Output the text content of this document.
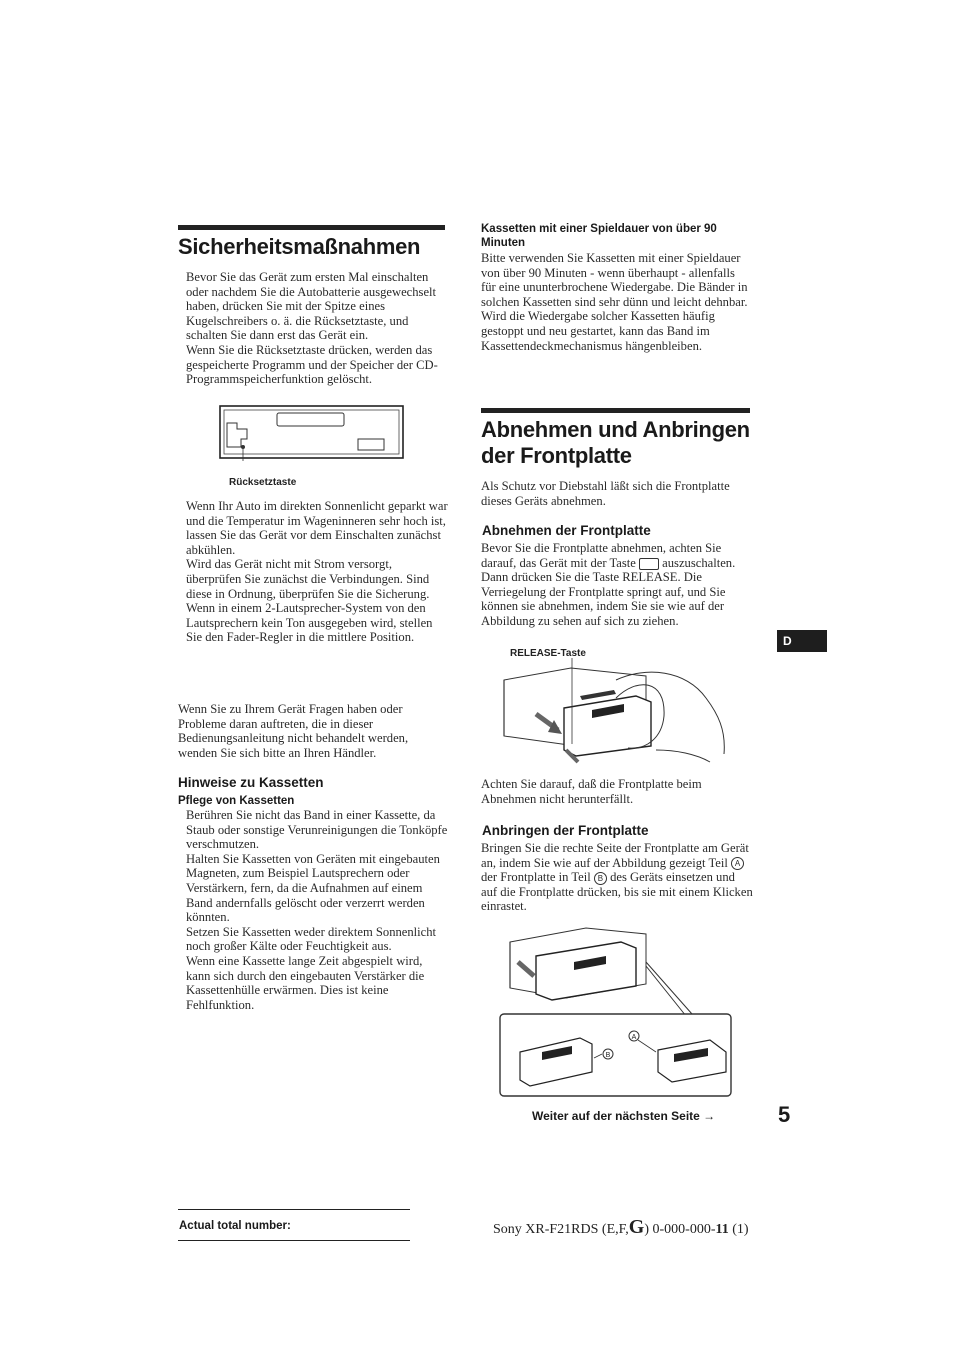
Sicherheitsmaßnahmen

Bevor Sie das Gerät zum ersten Mal einschalten oder nachdem Sie die Autobatterie ausgewechselt haben, drücken Sie mit der Spitze eines Kugelschreibers o. ä. die Rücksetztaste, und schalten Sie dann erst das Gerät ein.

Wenn Sie die Rücksetztaste drücken, werden das gespeicherte Programm und der Speicher der CD-Programmspeicherfunktion gelöscht.

Rücksetztaste

Wenn Ihr Auto im direkten Sonnenlicht geparkt war und die Temperatur im Wageninneren sehr hoch ist, lassen Sie das Gerät vor dem Einschalten zunächst abkühlen.

Wird das Gerät nicht mit Strom versorgt, überprüfen Sie zunächst die Verbindungen. Sind diese in Ordnung, überprüfen Sie die Sicherung.

Wenn in einem 2-Lautsprecher-System von den Lautsprechern kein Ton ausgegeben wird, stellen Sie den Fader-Regler in die mittlere Position.

Wenn Sie zu Ihrem Gerät Fragen haben oder Probleme daran auftreten, die in dieser Bedienungsanleitung nicht behandelt werden, wenden Sie sich bitte an Ihren Händler.
Hinweise zu Kassetten
Pflege von Kassetten

Berühren Sie nicht das Band in einer Kassette, da Staub oder sonstige Verunreinigungen die Tonköpfe verschmutzen.

Halten Sie Kassetten von Geräten mit eingebauten Magneten, zum Beispiel Lautsprechern oder Verstärkern, fern, da die Aufnahmen auf einem Band andernfalls gelöscht oder verzerrt werden könnten.

Setzen Sie Kassetten weder direktem Sonnenlicht noch großer Kälte oder Feuchtigkeit aus.

Wenn eine Kassette lange Zeit abgespielt wird, kann sich durch den eingebauten Verstärker die Kassettenhülle erwärmen. Dies ist keine Fehlfunktion.

Kassetten mit einer Spieldauer von über 90 Minuten
Bitte verwenden Sie Kassetten mit einer Spieldauer von über 90 Minuten - wenn überhaupt - allenfalls für eine ununterbrochene Wiedergabe. Die Bänder in solchen Kassetten sind sehr dünn und leicht dehnbar. Wird die Wiedergabe solcher Kassetten häufig gestoppt und neu gestartet, kann das Band im Kassettendeckmechanismus hängenbleiben.
Abnehmen und Anbringen der Frontplatte
Als Schutz vor Diebstahl läßt sich die Frontplatte dieses Geräts abnehmen.
Abnehmen der Frontplatte
Bevor Sie die Frontplatte abnehmen, achten Sie darauf, das Gerät mit der Taste auszuschalten. Dann drücken Sie die Taste RELEASE. Die Verriegelung der Frontplatte springt auf, und Sie können sie abnehmen, indem Sie sie wie auf der Abbildung zu sehen auf sich zu ziehen.
RELEASE-Taste
Achten Sie darauf, daß die Frontplatte beim Abnehmen nicht herunterfällt.
Anbringen der Frontplatte
Bringen Sie die rechte Seite der Frontplatte am Gerät an, indem Sie wie auf der Abbildung gezeigt Teil A der Frontplatte in Teil B des Geräts einsetzen und auf die Frontplatte drücken, bis sie mit einem Klicken einrastet.
B
A
Weiter auf der nächsten Seite →	5
D
Actual total number:	Sony XR-F21RDS (E,F,G) 0-000-000-11 (1)
